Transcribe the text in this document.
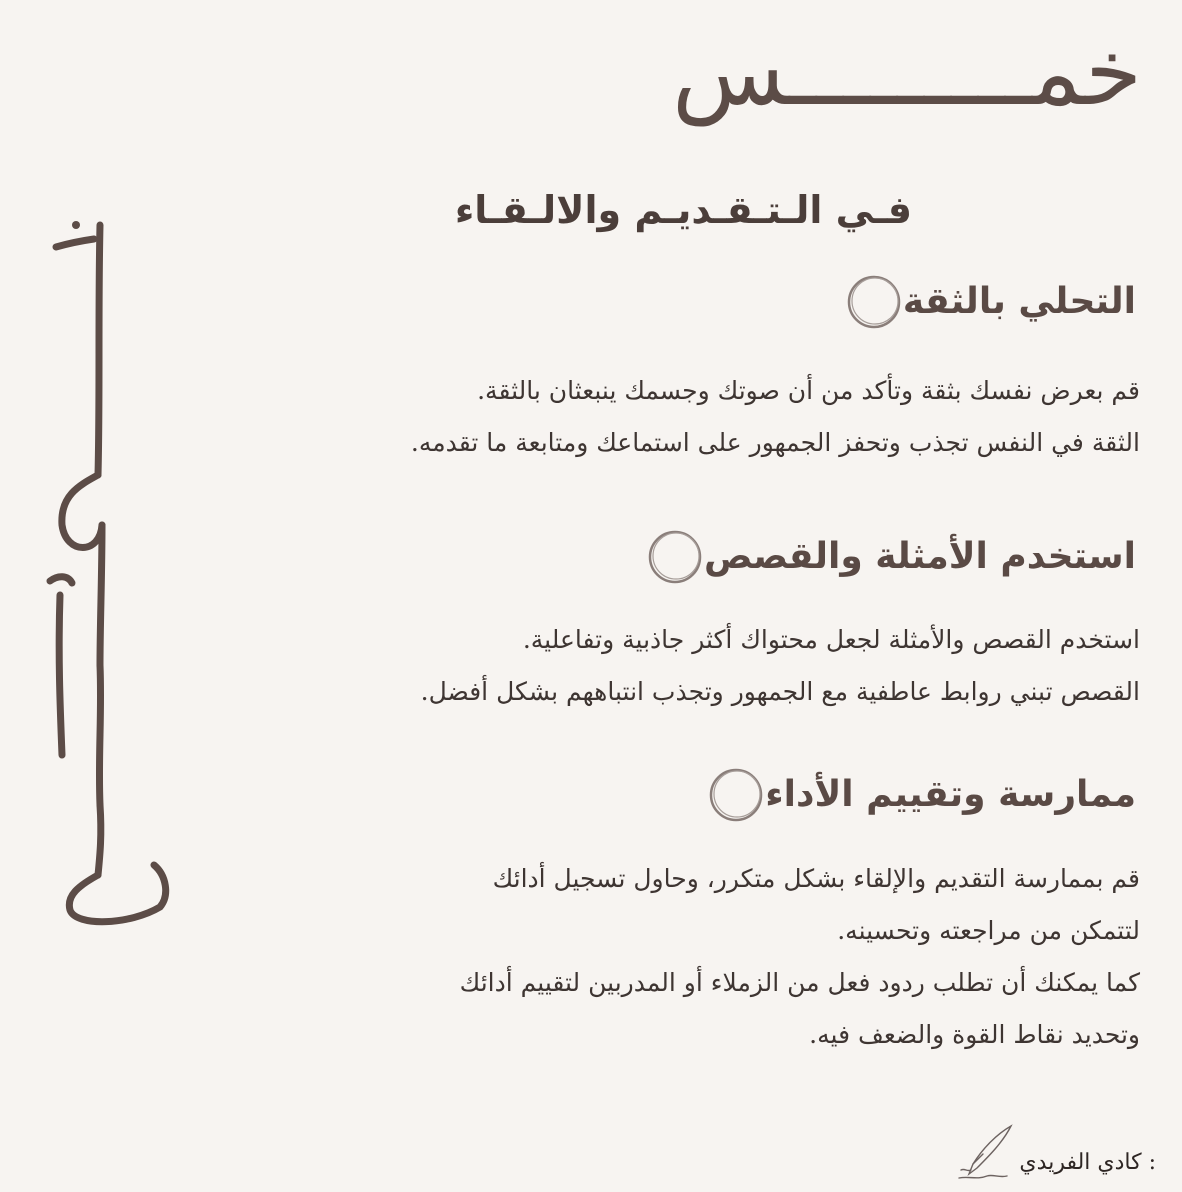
خمـــــــــس
فـي الـتـقـديـم والالـقـاء
التحلي بالثقة

قم بعرض نفسك بثقة وتأكد من أن صوتك وجسمك ينبعثان بالثقة.

الثقة في النفس تجذب وتحفز الجمهور على استماعك ومتابعة ما تقدمه.

استخدم الأمثلة والقصص

استخدم القصص والأمثلة لجعل محتواك أكثر جاذبية وتفاعلية.

القصص تبني روابط عاطفية مع الجمهور وتجذب انتباههم بشكل أفضل.

ممارسة وتقييم الأداء

قم بممارسة التقديم والإلقاء بشكل متكرر، وحاول تسجيل أدائك

لتتمكن من مراجعته وتحسينه.

كما يمكنك أن تطلب ردود فعل من الزملاء أو المدربين لتقييم أدائك

وتحديد نقاط القوة والضعف فيه.

: كادي الفريدي
